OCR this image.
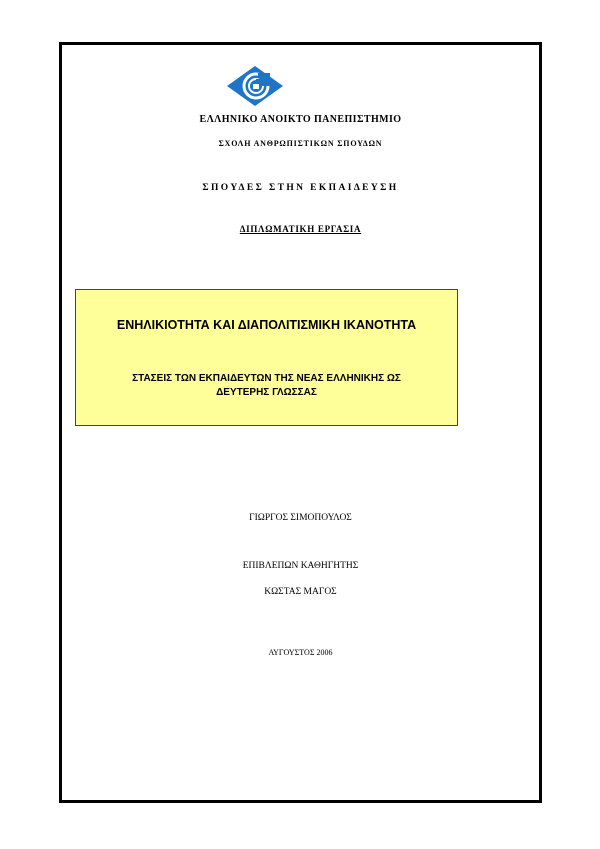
ΕΛΛΗΝΙΚΟ ΑΝΟΙΚΤΟ ΠΑΝΕΠΙΣΤΗΜΙΟ
ΣΧΟΛΗ ΑΝΘΡΩΠΙΣΤΙΚΩΝ ΣΠΟΥΔΩΝ
ΣΠΟΥΔΕΣ ΣΤΗΝ ΕΚΠΑΙΔΕΥΣΗ
ΔΙΠΛΩΜΑΤΙΚΗ ΕΡΓΑΣΙΑ
ΕΝΗΛΙΚΙΟΤΗΤΑ ΚΑΙ ΔΙΑΠΟΛΙΤΙΣΜΙΚΗ ΙΚΑΝΟΤΗΤΑ
ΣΤΑΣΕΙΣ ΤΩΝ ΕΚΠΑΙΔΕΥΤΩΝ ΤΗΣ ΝΕΑΣ ΕΛΛΗΝΙΚΗΣ ΩΣ
ΔΕΥΤΕΡΗΣ ΓΛΩΣΣΑΣ
ΓΙΩΡΓΟΣ ΣΙΜΟΠΟΥΛΟΣ
ΕΠΙΒΛΕΠΩΝ ΚΑΘΗΓΗΤΗΣ
ΚΩΣΤΑΣ ΜΑΓΟΣ
ΑΥΓΟΥΣΤΟΣ 2006
